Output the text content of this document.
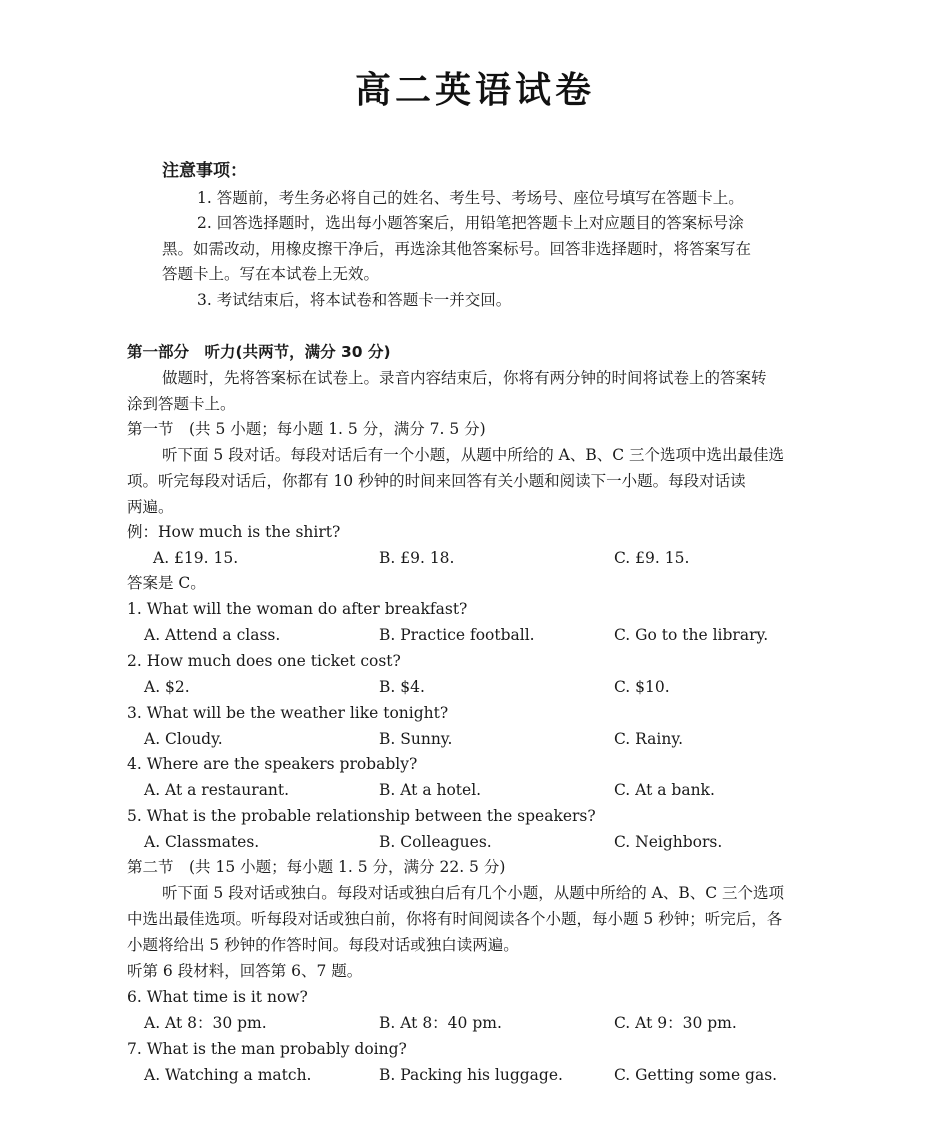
高二英语试卷
注意事项：
1. 答题前，考生务必将自己的姓名、考生号、考场号、座位号填写在答题卡上。
2. 回答选择题时，选出每小题答案后，用铅笔把答题卡上对应题目的答案标号涂
黑。如需改动，用橡皮擦干净后，再选涂其他答案标号。回答非选择题时，将答案写在
答题卡上。写在本试卷上无效。
3. 考试结束后，将本试卷和答题卡一并交回。
第一部分　听力(共两节，满分 30 分)
做题时，先将答案标在试卷上。录音内容结束后，你将有两分钟的时间将试卷上的答案转
涂到答题卡上。
第一节　(共 5 小题；每小题 1. 5 分，满分 7. 5 分)
听下面 5 段对话。每段对话后有一个小题，从题中所给的 A、B、C 三个选项中选出最佳选
项。听完每段对话后，你都有 10 秒钟的时间来回答有关小题和阅读下一小题。每段对话读
两遍。
例：How much is the shirt?
A. £19. 15.	B. £9. 18.	C. £9. 15.
答案是 C。
1. What will the woman do after breakfast?
A. Attend a class.	B. Practice football.	C. Go to the library.
2. How much does one ticket cost?
A. $2.	B. $4.	C. $10.
3. What will be the weather like tonight?
A. Cloudy.	B. Sunny.	C. Rainy.
4. Where are the speakers probably?
A. At a restaurant.	B. At a hotel.	C. At a bank.
5. What is the probable relationship between the speakers?
A. Classmates.	B. Colleagues.	C. Neighbors.
第二节　(共 15 小题；每小题 1. 5 分，满分 22. 5 分)
听下面 5 段对话或独白。每段对话或独白后有几个小题，从题中所给的 A、B、C 三个选项
中选出最佳选项。听每段对话或独白前，你将有时间阅读各个小题，每小题 5 秒钟；听完后，各
小题将给出 5 秒钟的作答时间。每段对话或独白读两遍。
听第 6 段材料，回答第 6、7 题。
6. What time is it now?
A. At 8：30 pm.	B. At 8：40 pm.	C. At 9：30 pm.
7. What is the man probably doing?
A. Watching a match.	B. Packing his luggage.	C. Getting some gas.
